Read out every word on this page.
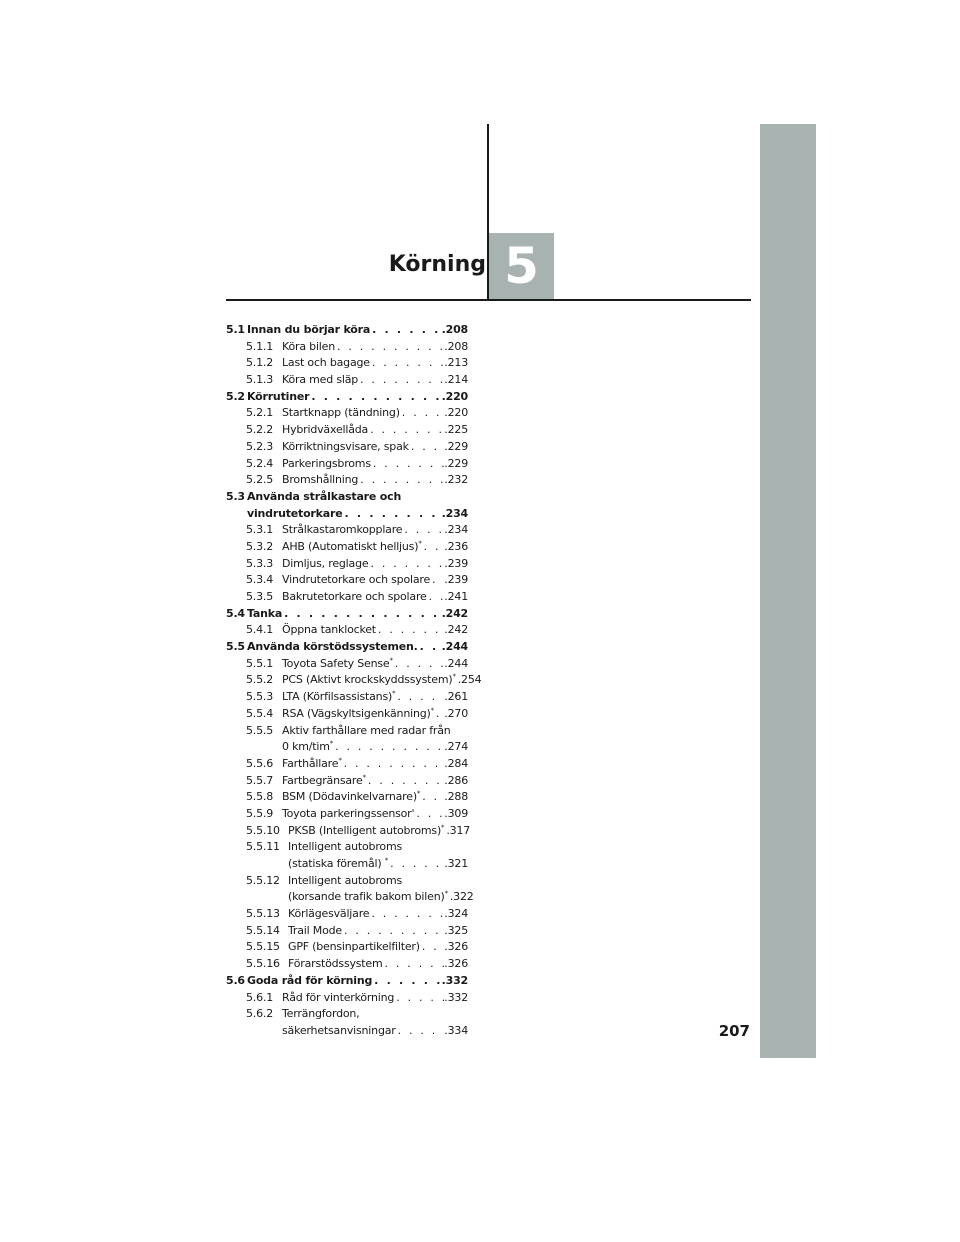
Körning 5
5.1 Innan du börjar köra . . .	.208
5.1.1 Köra bilen . . .	.208
5.1.2 Last och bagage . . .	.213
5.1.3 Köra med släp . . .	.214
5.2 Körrutiner . . .	.220
5.2.1 Startknapp (tändning) . . .	.220
5.2.2 Hybridväxellåda . . .	.225
5.2.3 Körriktningsvisare, spak . . .	.229
5.2.4 Parkeringsbroms . . .	.229
5.2.5 Bromshållning . . .	.232
5.3 Använda strålkastare och
vindrutetorkare . . .	.234
5.3.1 Strålkastaromkopplare . . .	.234
5.3.2 AHB (Automatiskt helljus)* . . . .236
5.3.3 Dimljus, reglage . . .	.239
5.3.4 Vindrutetorkare och spolare . . . .239
5.3.5 Bakrutetorkare och spolare . . . .241
5.4 Tanka . . .	.242
5.4.1 Öppna tanklocket . . .	.242
5.5 Använda körstödssystemen. . . . .244
5.5.1 Toyota Safety Sense* . . .	.244
5.5.2 PCS (Aktivt krockskyddssystem)* . . . .254
5.5.3 LTA (Körfilsassistans)* . . .	.261
5.5.4 RSA (Vägskyltsigenkänning)* . . . .270
5.5.5 Aktiv farthållare med radar från
0 km/tim* . . .	.274
5.5.6 Farthållare* . . .	.284
5.5.7 Fartbegränsare* . . .	.286
5.5.8 BSM (Dödavinkelvarnare)* . . . .288
5.5.9 Toyota parkeringssensor' . . .	.309
5.5.10 PKSB (Intelligent autobroms)* . . . .317
5.5.11 Intelligent autobroms
(statiska föremål) * . . .	.321
5.5.12 Intelligent autobroms
(korsande trafik bakom bilen)* . . . .322
5.5.13 Körlägesväljare . . .	.324
5.5.14 Trail Mode . . .	.325
5.5.15 GPF (bensinpartikelfilter) . . . .326
5.5.16 Förarstödssystem . . .	.326
5.6 Goda råd för körning . . .	.332
5.6.1 Råd för vinterkörning . . .	.332
5.6.2 Terrängfordon,
säkerhetsanvisningar . . .	.334	207
